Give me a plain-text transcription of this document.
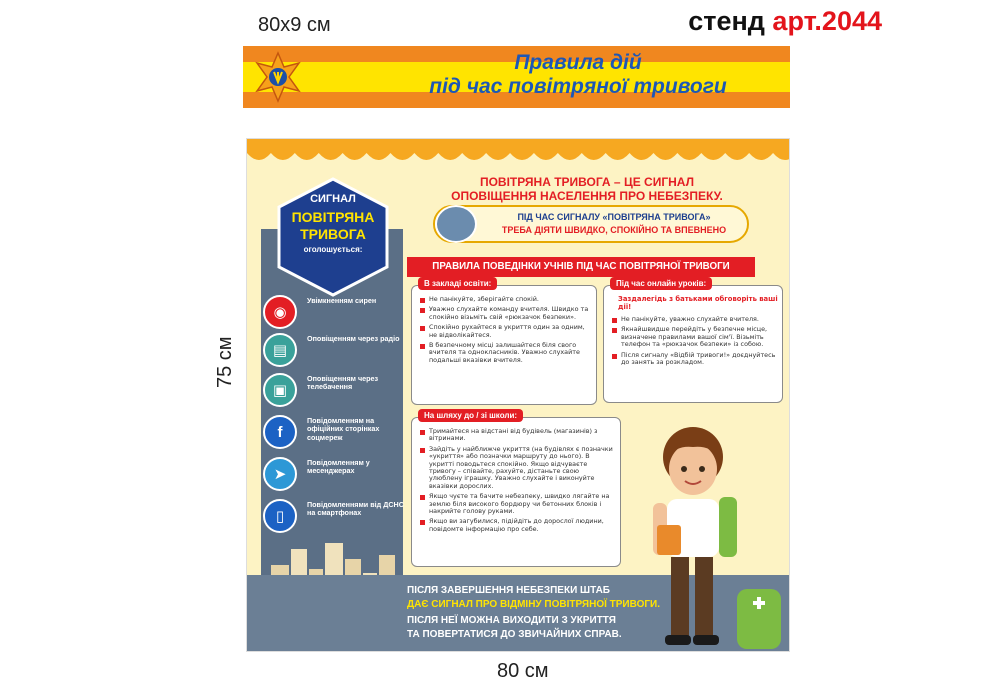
80x9 см
75 см
80 см
стенд арт.2044
Правила дій
під час повітряної тривоги
СИГНАЛ
ПОВІТРЯНА
ТРИВОГА
оголошується:
◉
Увімкненням сирен
▤
Оповіщенням через радіо
▣
Оповіщенням через телебачення
f
Повідомленням на офіційних сторінках соцмереж
➤
Повідомленням у месенджерах
▯
Повідомленнями від ДСНС на смартфонах
ПОВІТРЯНА ТРИВОГА – ЦЕ СИГНАЛ
ОПОВІЩЕННЯ НАСЕЛЕННЯ ПРО НЕБЕЗПЕКУ.
ПІД ЧАС СИГНАЛУ «ПОВІТРЯНА ТРИВОГА»
ТРЕБА ДІЯТИ ШВИДКО, СПОКІЙНО ТА ВПЕВНЕНО
ПРАВИЛА ПОВЕДІНКИ УЧНІВ ПІД ЧАС ПОВІТРЯНОЇ ТРИВОГИ
В закладі освіти:
Не панікуйте, зберігайте спокій.
Уважно слухайте команду вчителя. Швидко та спокійно візьміть свій «рюкзачок безпеки».
Спокійно рухайтеся в укриття один за одним, не відволікайтеся.
В безпечному місці залишайтеся біля свого вчителя та однокласників. Уважно слухайте подальші вказівки вчителя.
Під час онлайн уроків:
Заздалегідь з батьками обговоріть ваші дії!
Не панікуйте, уважно слухайте вчителя.
Якнайшвидше перейдіть у безпечне місце, визначене правилами вашої сім'ї. Візьміть телефон та «рюкзачок безпеки» із собою.
Після сигналу «Відбій тривоги!» доєднуйтесь до занять за розкладом.
На шляху до / зі школи:
Тримайтеся на відстані від будівель (магазинів) з вітринами.
Зайдіть у найближче укриття (на будівлях є позначки «укриття» або позначки маршруту до нього). В укритті поводьтеся спокійно. Якщо відчуваєте тривогу – співайте, рахуйте, дістаньте свою улюблену іграшку. Уважно слухайте і виконуйте вказівки дорослих.
Якщо чуєте та бачите небезпеку, швидко лягайте на землю біля високого бордюру чи бетонних блоків і накрийте голову руками.
Якщо ви загубилися, підійдіть до дорослої людини, повідомте інформацію про себе.
ПІСЛЯ ЗАВЕРШЕННЯ НЕБЕЗПЕКИ ШТАБ
ДАЄ СИГНАЛ ПРО ВІДМІНУ ПОВІТРЯНОЇ ТРИВОГИ.
ПІСЛЯ НЕЇ МОЖНА ВИХОДИТИ З УКРИТТЯ
ТА ПОВЕРТАТИСЯ ДО ЗВИЧАЙНИХ СПРАВ.
